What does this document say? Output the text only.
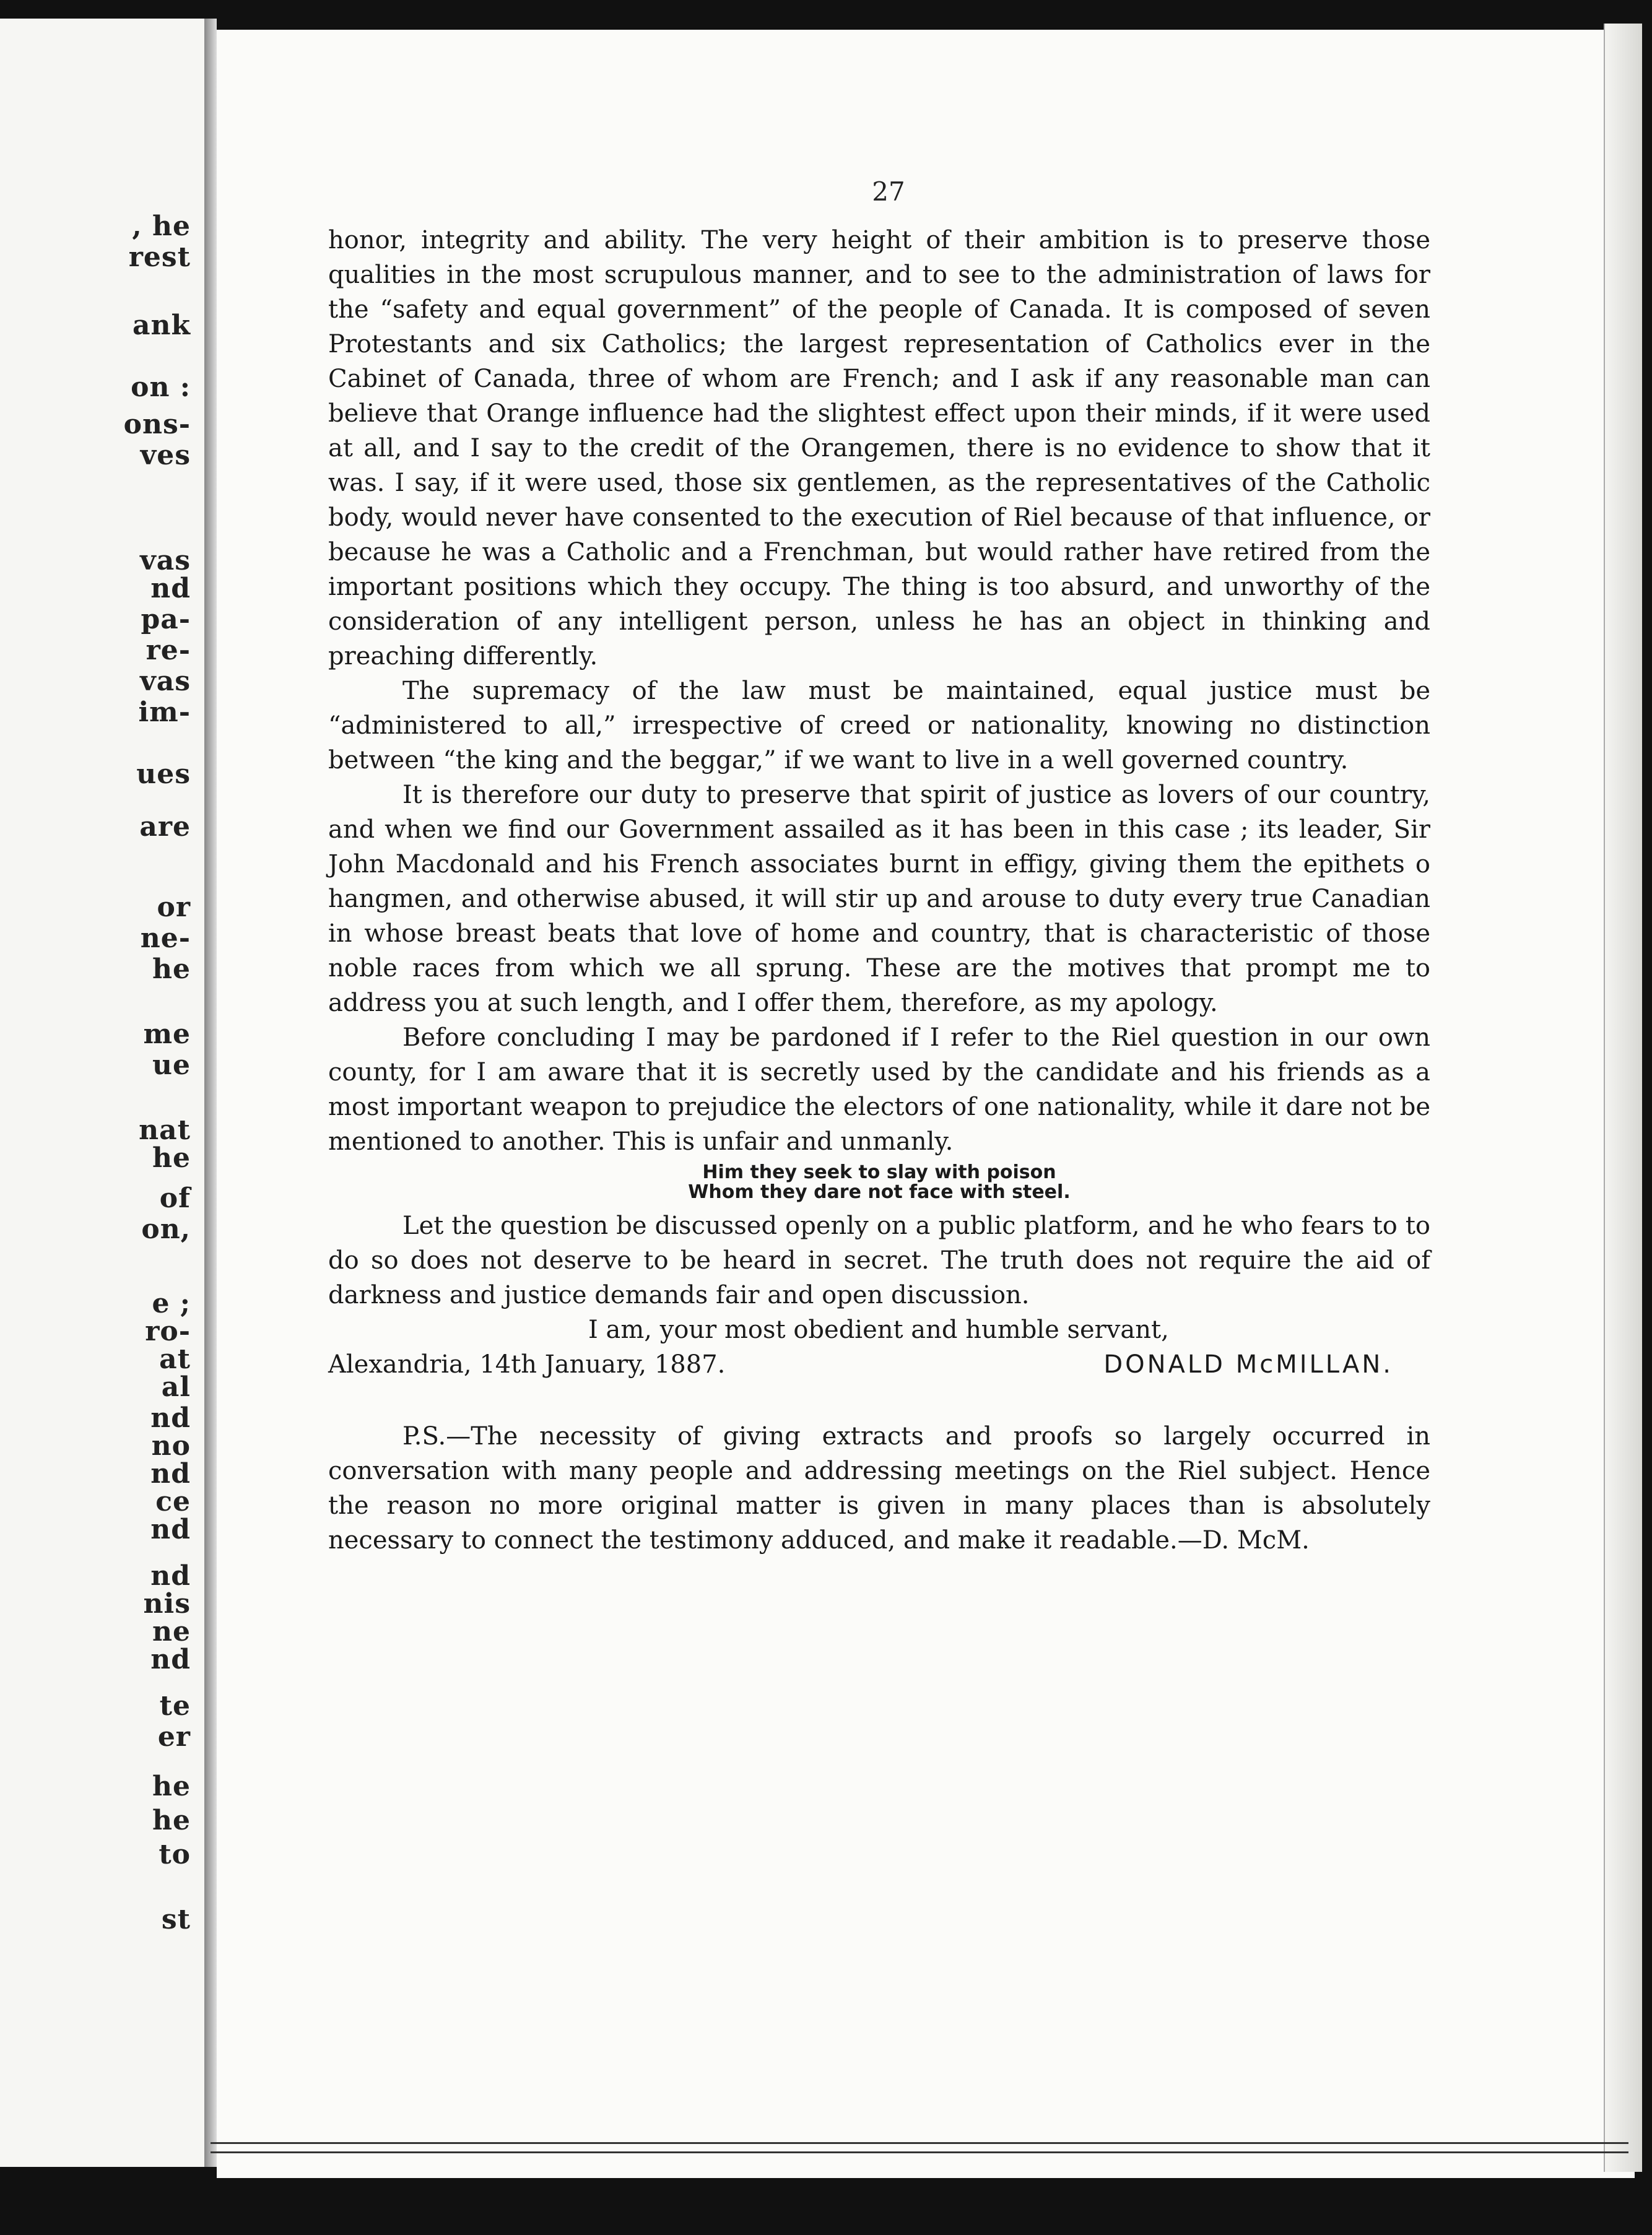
, he
rest
ank
on :
ons-
ves
vas
nd
pa-
re-
vas
im-
ues
are
or
ne-
he
me
ue
nat
he
of
on,
e ;
ro-
at
al
nd
no
nd
ce
nd
nd
nis
ne
nd
te
er
he
he
to
st
27

honor, integrity and ability. The very height of their ambition is to preserve those qualities in the most scrupulous manner, and to see to the administration of laws for the “safety and equal government” of the people of Canada. It is composed of seven Protestants and six Catholics; the largest representation of Catholics ever in the Cabinet of Canada, three of whom are French; and I ask if any reasonable man can believe that Orange influence had the slightest effect upon their minds, if it were used at all, and I say to the credit of the Orangemen, there is no evidence to show that it was. I say, if it were used, those six gentlemen, as the representatives of the Catholic body, would never have consented to the execution of Riel because of that influence, or because he was a Catholic and a Frenchman, but would rather have retired from the important positions which they occupy. The thing is too absurd, and unworthy of the consideration of any intelligent person, unless he has an object in thinking and preaching differently.

The supremacy of the law must be maintained, equal justice must be “administered to all,” irrespective of creed or nationality, knowing no distinction between “the king and the beggar,” if we want to live in a well governed country.

It is therefore our duty to preserve that spirit of justice as lovers of our country, and when we find our Government assailed as it has been in this case ; its leader, Sir John Macdonald and his French associates burnt in effigy, giving them the epithets o hangmen, and otherwise abused, it will stir up and arouse to duty every true Canadian in whose breast beats that love of home and country, that is characteristic of those noble races from which we all sprung. These are the motives that prompt me to address you at such length, and I offer them, therefore, as my apology.

Before concluding I may be pardoned if I refer to the Riel question in our own county, for I am aware that it is secretly used by the candidate and his friends as a most important weapon to prejudice the electors of one nationality, while it dare not be mentioned to another. This is unfair and unmanly.

Him they seek to slay with poison
Whom they dare not face with steel.

Let the question be discussed openly on a public platform, and he who fears to to do so does not deserve to be heard in secret. The truth does not require the aid of darkness and justice demands fair and open discussion.

I am, your most obedient and humble servant,

DONALD McMILLAN.

Alexandria, 14th January, 1887.

P.S.—The necessity of giving extracts and proofs so largely occurred in conversation with many people and addressing meetings on the Riel subject. Hence the reason no more original matter is given in many places than is absolutely necessary to connect the testimony adduced, and make it readable.—D. McM.
